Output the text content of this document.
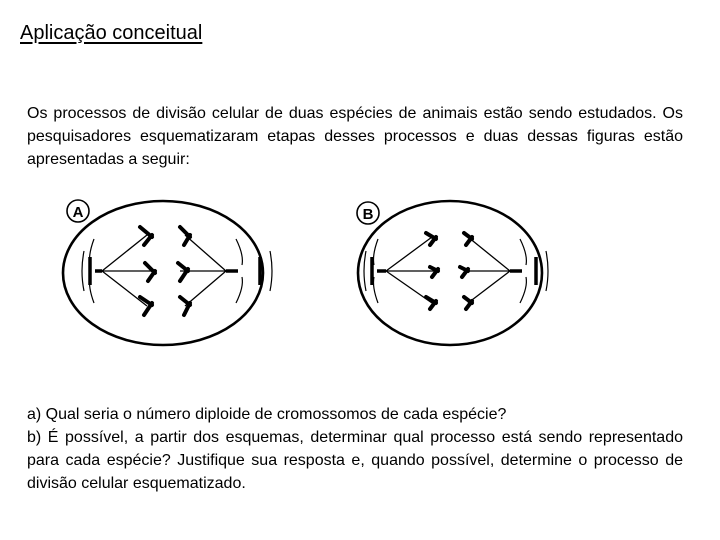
Aplicação conceitual

Os processos de divisão celular de duas espécies de animais estão sendo estudados. Os pesquisadores esquematizaram etapas desses processos e duas dessas figuras estão apresentadas a seguir:

A	B

a) Qual seria o número diploide de cromossomos de cada espécie?

b) É possível, a partir dos esquemas, determinar qual processo está sendo representado para cada espécie? Justifique sua resposta e, quando possível, determine o processo de divisão celular esquematizado.
